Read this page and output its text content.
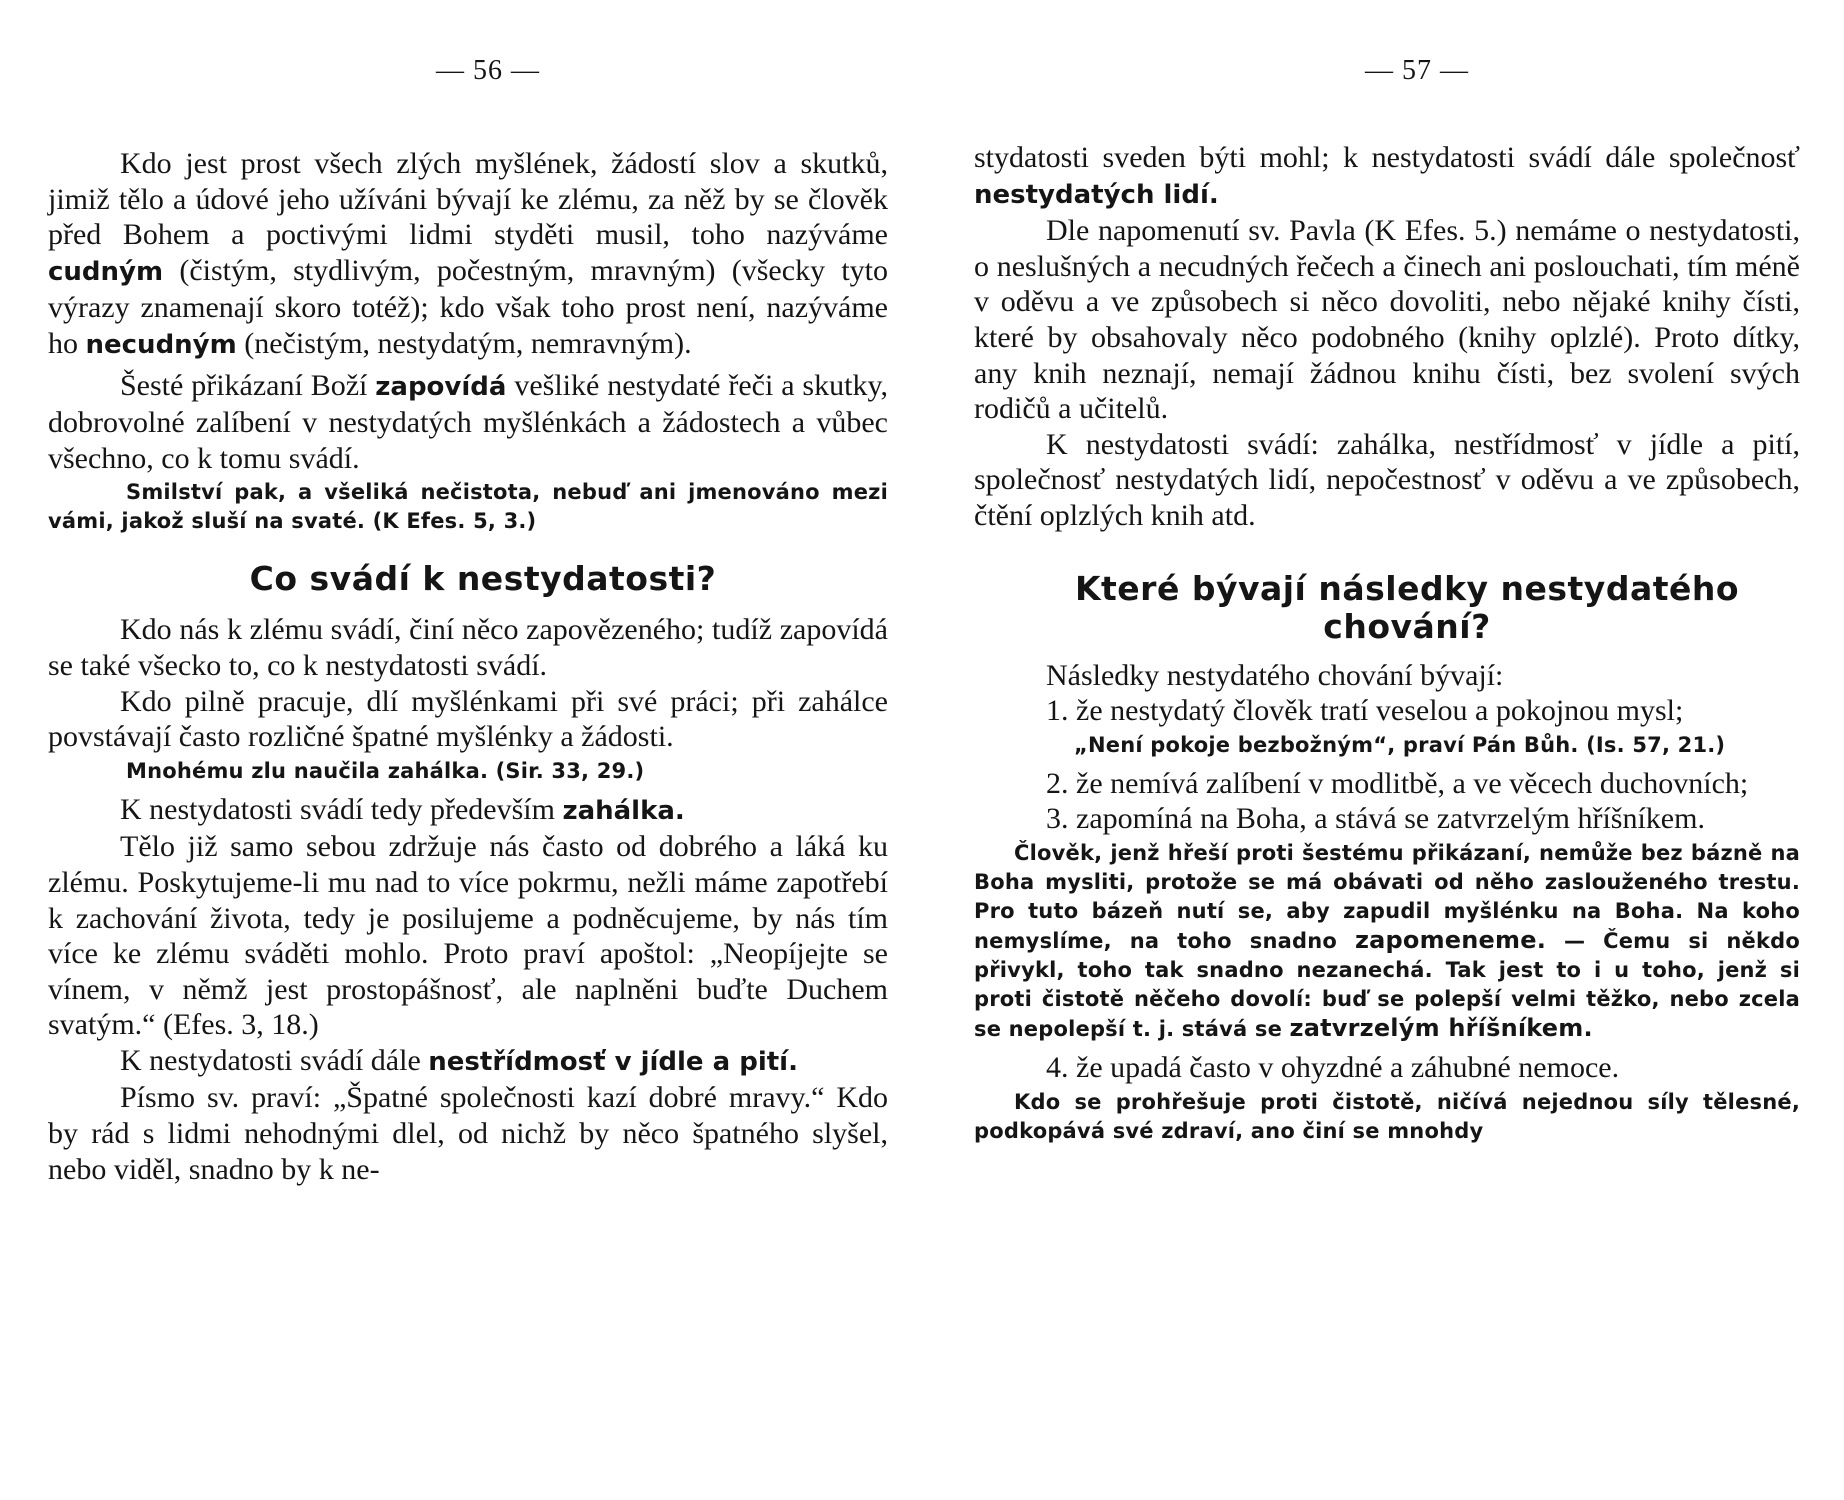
— 56 —

Kdo jest prost všech zlých myšlének, žádostí slov a skutků, jimiž tělo a údové jeho užíváni bývají ke zlému, za něž by se člověk před Bohem a poctivými lidmi styděti musil, toho nazýváme cudným (čistým, stydlivým, počestným, mravným) (všecky tyto výrazy znamenají skoro totéž); kdo však toho prost není, nazýváme ho necudným (nečistým, nestydatým, nemravným).

Šesté přikázaní Boží zapovídá vešliké nestydaté řeči a skutky, dobrovolné zalíbení v nestydatých myšlénkách a žádostech a vůbec všechno, co k tomu svádí.

Smilství pak, a všeliká nečistota, nebuď ani jmenováno mezi vámi, jakož sluší na svaté. (K Efes. 5, 3.)

Co svádí k nestydatosti?

Kdo nás k zlému svádí, činí něco zapovězeného; tudíž zapovídá se také všecko to, co k nestydatosti svádí.

Kdo pilně pracuje, dlí myšlénkami při své práci; při zahálce povstávají často rozličné špatné myšlénky a žádosti.

Mnohému zlu naučila zahálka. (Sir. 33, 29.)

K nestydatosti svádí tedy především zahálka.

Tělo již samo sebou zdržuje nás často od dobrého a láká ku zlému. Poskytujeme-li mu nad to více pokrmu, nežli máme zapotřebí k zachování života, tedy je posilujeme a podněcujeme, by nás tím více ke zlému sváděti mohlo. Proto praví apoštol: „Neopíjejte se vínem, v němž jest prostopášnosť, ale naplněni buďte Duchem svatým.“ (Efes. 3, 18.)

K nestydatosti svádí dále nestřídmosť v jídle a pití.

Písmo sv. praví: „Špatné společnosti kazí dobré mravy.“ Kdo by rád s lidmi nehodnými dlel, od nichž by něco špatného slyšel, nebo viděl, snadno by k ne-

— 57 —

stydatosti sveden býti mohl; k nestydatosti svádí dále společnosť nestydatých lidí.

Dle napomenutí sv. Pavla (K Efes. 5.) nemáme o nestydatosti, o neslušných a necudných řečech a činech ani poslouchati, tím méně v oděvu a ve způsobech si něco dovoliti, nebo nějaké knihy čísti, které by obsahovaly něco podobného (knihy oplzlé). Proto dítky, any knih neznají, nemají žádnou knihu čísti, bez svolení svých rodičů a učitelů.

K nestydatosti svádí: zahálka, nestřídmosť v jídle a pití, společnosť nestydatých lidí, nepočestnosť v oděvu a ve způsobech, čtění oplzlých knih atd.

Které bývají následky nestydatého chování?

Následky nestydatého chování bývají:

1. že nestydatý člověk tratí veselou a pokojnou mysl;

„Není pokoje bezbožným“, praví Pán Bůh. (Is. 57, 21.)

2. že nemívá zalíbení v modlitbě, a ve věcech duchovních;

3. zapomíná na Boha, a stává se zatvrzelým hříšníkem.

Člověk, jenž hřeší proti šestému přikázaní, nemůže bez bázně na Boha mysliti, protože se má obávati od něho zaslouženého trestu. Pro tuto bázeň nutí se, aby zapudil myšlénku na Boha. Na koho nemyslíme, na toho snadno zapomeneme. — Čemu si někdo přivykl, toho tak snadno nezanechá. Tak jest to i u toho, jenž si proti čistotě něčeho dovolí: buď se polepší velmi těžko, nebo zcela se nepolepší t. j. stává se zatvrzelým hříšníkem.

4. že upadá často v ohyzdné a záhubné nemoce.

Kdo se prohřešuje proti čistotě, ničívá nejednou síly tělesné, podkopává své zdraví, ano činí se mnohdy
